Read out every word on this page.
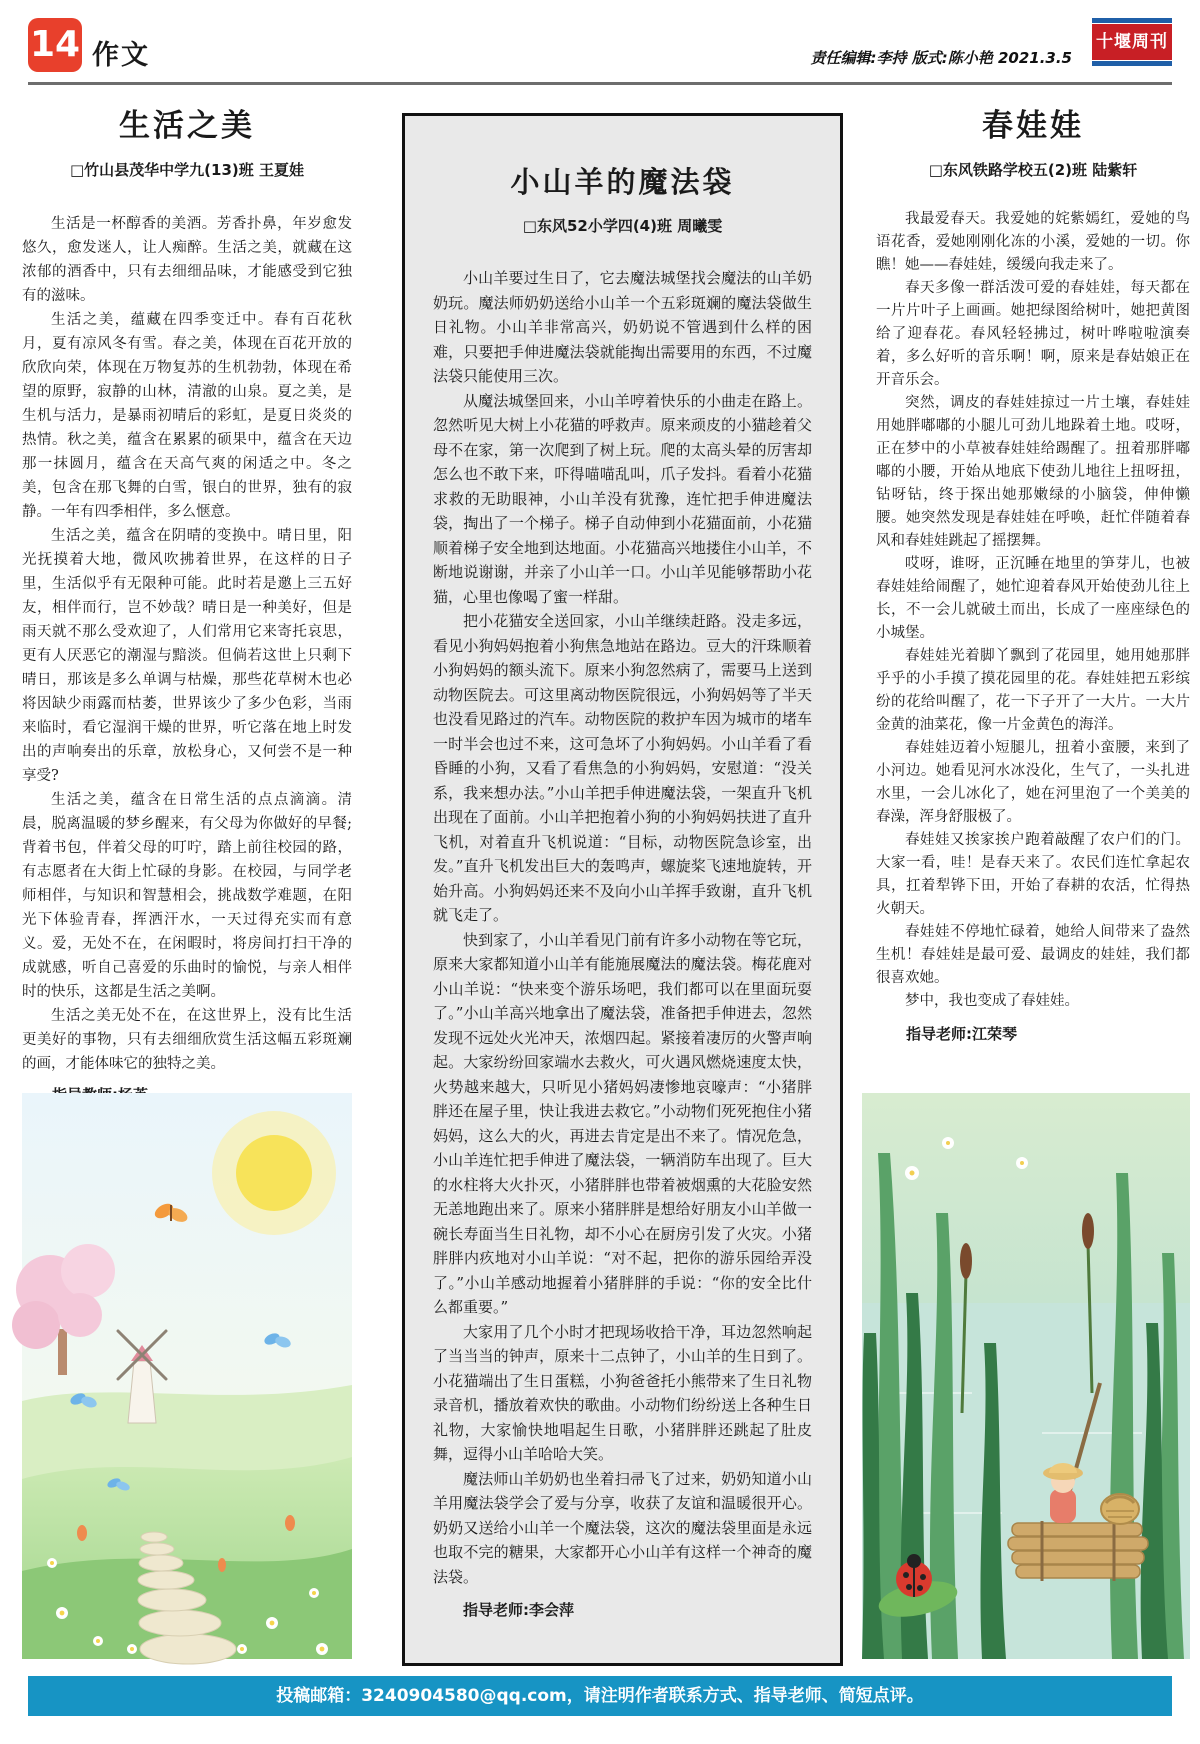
14 作文	责任编辑:李持 版式:陈小艳 2021.3.5
十堰周刊
生活之美
□竹山县茂华中学九(13)班 王夏娃

生活是一杯醇香的美酒。芳香扑鼻，年岁愈发悠久，愈发迷人，让人痴醉。生活之美，就藏在这浓郁的酒香中，只有去细细品味，才能感受到它独有的滋味。

生活之美，蕴藏在四季变迁中。春有百花秋月，夏有凉风冬有雪。春之美，体现在百花开放的欣欣向荣，体现在万物复苏的生机勃勃，体现在希望的原野，寂静的山林，清澈的山泉。夏之美，是生机与活力，是暴雨初晴后的彩虹，是夏日炎炎的热情。秋之美，蕴含在累累的硕果中，蕴含在天边那一抹圆月，蕴含在天高气爽的闲适之中。冬之美，包含在那飞舞的白雪，银白的世界，独有的寂静。一年有四季相伴，多么惬意。

生活之美，蕴含在阴晴的变换中。晴日里，阳光抚摸着大地，微风吹拂着世界，在这样的日子里，生活似乎有无限种可能。此时若是邀上三五好友，相伴而行，岂不妙哉？晴日是一种美好，但是雨天就不那么受欢迎了，人们常用它来寄托哀思，更有人厌恶它的潮湿与黯淡。但倘若这世上只剩下晴日，那该是多么单调与枯燥，那些花草树木也必将因缺少雨露而枯萎，世界该少了多少色彩，当雨来临时，看它湿润干燥的世界，听它落在地上时发出的声响奏出的乐章，放松身心，又何尝不是一种享受?

生活之美，蕴含在日常生活的点点滴滴。清晨，脱离温暖的梦乡醒来，有父母为你做好的早餐;背着书包，伴着父母的叮咛，踏上前往校园的路，有志愿者在大街上忙碌的身影。在校园，与同学老师相伴，与知识和智慧相会，挑战数学难题，在阳光下体验青春，挥洒汗水，一天过得充实而有意义。爱，无处不在，在闲暇时，将房间打扫干净的成就感，听自己喜爱的乐曲时的愉悦，与亲人相伴时的快乐，这都是生活之美啊。

生活之美无处不在，在这世界上，没有比生活更美好的事物，只有去细细欣赏生活这幅五彩斑斓的画，才能体味它的独特之美。

小山羊的魔法袋
□东风52小学四(4)班 周曦雯

小山羊要过生日了，它去魔法城堡找会魔法的山羊奶奶玩。魔法师奶奶送给小山羊一个五彩斑斓的魔法袋做生日礼物。小山羊非常高兴，奶奶说不管遇到什么样的困难，只要把手伸进魔法袋就能掏出需要用的东西，不过魔法袋只能使用三次。

从魔法城堡回来，小山羊哼着快乐的小曲走在路上。忽然听见大树上小花猫的呼救声。原来顽皮的小猫趁着父母不在家，第一次爬到了树上玩。爬的太高头晕的厉害却怎么也不敢下来，吓得喵喵乱叫，爪子发抖。看着小花猫求救的无助眼神，小山羊没有犹豫，连忙把手伸进魔法袋，掏出了一个梯子。梯子自动伸到小花猫面前，小花猫顺着梯子安全地到达地面。小花猫高兴地搂住小山羊，不断地说谢谢，并亲了小山羊一口。小山羊见能够帮助小花猫，心里也像喝了蜜一样甜。

把小花猫安全送回家，小山羊继续赶路。没走多远，看见小狗妈妈抱着小狗焦急地站在路边。豆大的汗珠顺着小狗妈妈的额头流下。原来小狗忽然病了，需要马上送到动物医院去。可这里离动物医院很远，小狗妈妈等了半天也没看见路过的汽车。动物医院的救护车因为城市的堵车一时半会也过不来，这可急坏了小狗妈妈。小山羊看了看昏睡的小狗，又看了看焦急的小狗妈妈，安慰道：“没关系，我来想办法。”小山羊把手伸进魔法袋，一架直升飞机出现在了面前。小山羊把抱着小狗的小狗妈妈扶进了直升飞机，对着直升飞机说道：“目标，动物医院急诊室，出发。”直升飞机发出巨大的轰鸣声，螺旋桨飞速地旋转，开始升高。小狗妈妈还来不及向小山羊挥手致谢，直升飞机就飞走了。

快到家了，小山羊看见门前有许多小动物在等它玩，原来大家都知道小山羊有能施展魔法的魔法袋。梅花鹿对小山羊说：“快来变个游乐场吧，我们都可以在里面玩耍了。”小山羊高兴地拿出了魔法袋，准备把手伸进去，忽然发现不远处火光冲天，浓烟四起。紧接着凄厉的火警声响起。大家纷纷回家端水去救火，可火遇风燃烧速度太快，火势越来越大，只听见小猪妈妈凄惨地哀嚎声：“小猪胖胖还在屋子里，快让我进去救它。”小动物们死死抱住小猪妈妈，这么大的火，再进去肯定是出不来了。情况危急，小山羊连忙把手伸进了魔法袋，一辆消防车出现了。巨大的水柱将大火扑灭，小猪胖胖也带着被烟熏的大花脸安然无恙地跑出来了。原来小猪胖胖是想给好朋友小山羊做一碗长寿面当生日礼物，却不小心在厨房引发了火灾。小猪胖胖内疚地对小山羊说：“对不起，把你的游乐园给弄没了。”小山羊感动地握着小猪胖胖的手说：“你的安全比什么都重要。”

大家用了几个小时才把现场收拾干净，耳边忽然响起了当当当的钟声，原来十二点钟了，小山羊的生日到了。小花猫端出了生日蛋糕，小狗爸爸托小熊带来了生日礼物录音机，播放着欢快的歌曲。小动物们纷纷送上各种生日礼物，大家愉快地唱起生日歌，小猪胖胖还跳起了肚皮舞，逗得小山羊哈哈大笑。

魔法师山羊奶奶也坐着扫帚飞了过来，奶奶知道小山羊用魔法袋学会了爱与分享，收获了友谊和温暖很开心。奶奶又送给小山羊一个魔法袋，这次的魔法袋里面是永远也取不完的糖果，大家都开心小山羊有这样一个神奇的魔法袋。

指导老师:李会萍
春娃娃
□东风铁路学校五(2)班 陆紫轩

我最爱春天。我爱她的姹紫嫣红，爱她的鸟语花香，爱她刚刚化冻的小溪，爱她的一切。你瞧！她——春娃娃，缓缓向我走来了。

春天多像一群活泼可爱的春娃娃，每天都在一片片叶子上画画。她把绿图给树叶，她把黄图给了迎春花。春风轻轻拂过，树叶哗啦啦演奏着，多么好听的音乐啊！啊，原来是春姑娘正在开音乐会。

突然，调皮的春娃娃掠过一片土壤，春娃娃用她胖嘟嘟的小腿儿可劲儿地跺着土地。哎呀，正在梦中的小草被春娃娃给踢醒了。扭着那胖嘟嘟的小腰，开始从地底下使劲儿地往上扭呀扭，钻呀钻，终于探出她那嫩绿的小脑袋，伸伸懒腰。她突然发现是春娃娃在呼唤，赶忙伴随着春风和春娃娃跳起了摇摆舞。

哎呀，谁呀，正沉睡在地里的笋芽儿，也被春娃娃给闹醒了，她忙迎着春风开始使劲儿往上长，不一会儿就破土而出，长成了一座座绿色的小城堡。

春娃娃光着脚丫飘到了花园里，她用她那胖乎乎的小手摸了摸花园里的花。春娃娃把五彩缤纷的花给叫醒了，花一下子开了一大片。一大片金黄的油菜花，像一片金黄色的海洋。

春娃娃迈着小短腿儿，扭着小蛮腰，来到了小河边。她看见河水冰没化，生气了，一头扎进水里，一会儿冰化了，她在河里泡了一个美美的春澡，浑身舒服极了。

春娃娃又挨家挨户跑着敲醒了农户们的门。大家一看，哇！是春天来了。农民们连忙拿起农具，扛着犁铧下田，开始了春耕的农活，忙得热火朝天。

春娃娃不停地忙碌着，她给人间带来了盎然生机！春娃娃是最可爱、最调皮的娃娃，我们都很喜欢她。

梦中，我也变成了春娃娃。

指导老师:江荣琴
投稿邮箱：3240904580@qq.com，请注明作者联系方式、指导老师、简短点评。
